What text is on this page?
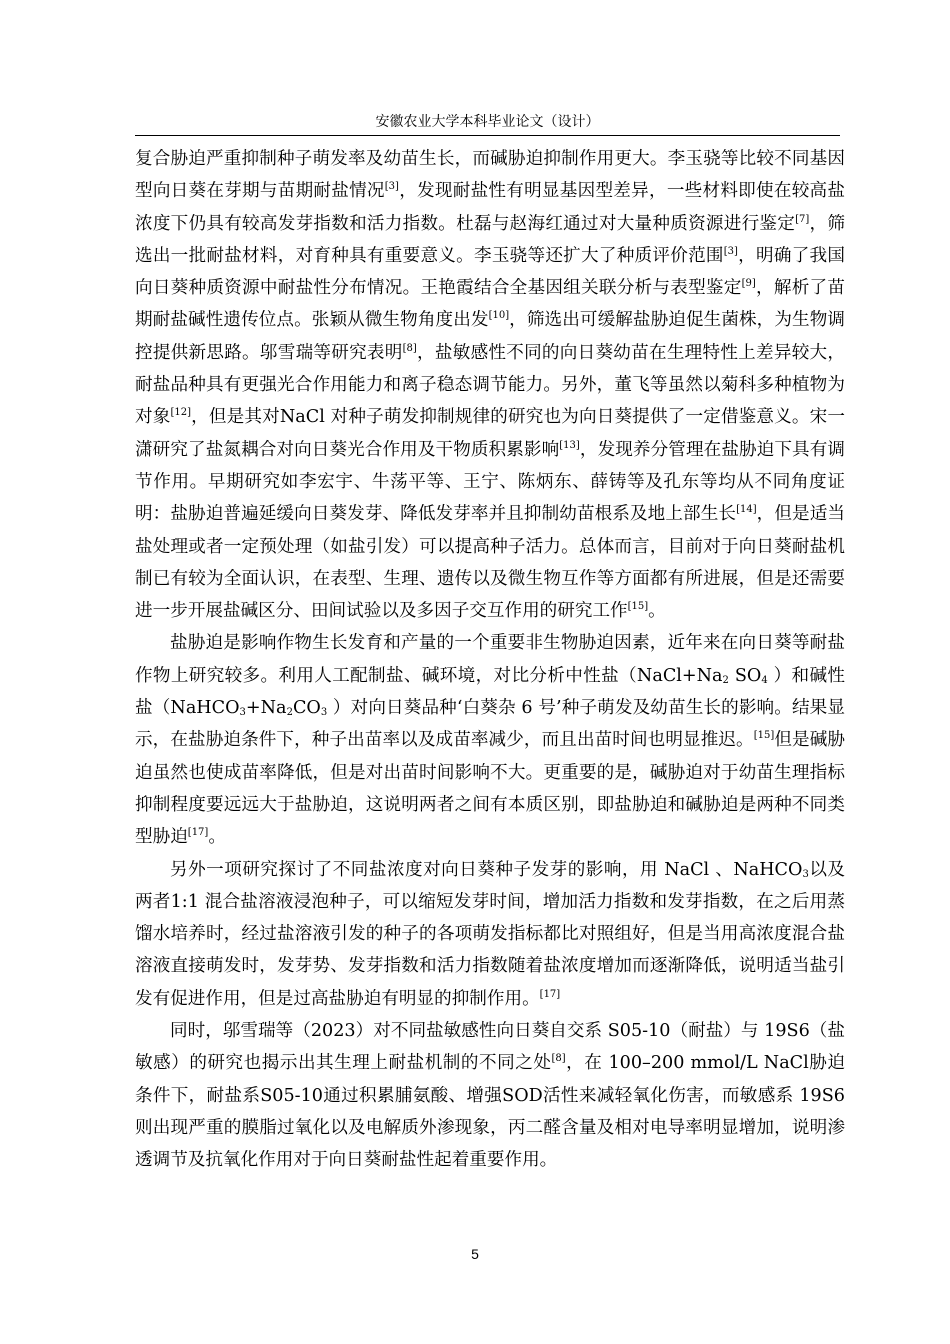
安徽农业大学本科毕业论文（设计）

复合胁迫严重抑制种子萌发率及幼苗生长，而碱胁迫抑制作用更大。李玉骁等比较不同基因型向日葵在芽期与苗期耐盐情况[3]，发现耐盐性有明显基因型差异，一些材料即使在较高盐浓度下仍具有较高发芽指数和活力指数。杜磊与赵海红通过对大量种质资源进行鉴定[7]，筛选出一批耐盐材料，对育种具有重要意义。李玉骁等还扩大了种质评价范围[3]，明确了我国向日葵种质资源中耐盐性分布情况。王艳霞结合全基因组关联分析与表型鉴定[9]，解析了苗期耐盐碱性遗传位点。张颖从微生物角度出发[10]，筛选出可缓解盐胁迫促生菌株，为生物调控提供新思路。邬雪瑞等研究表明[8]，盐敏感性不同的向日葵幼苗在生理特性上差异较大，耐盐品种具有更强光合作用能力和离子稳态调节能力。另外，董飞等虽然以菊科多种植物为对象[12]，但是其对NaCl 对种子萌发抑制规律的研究也为向日葵提供了一定借鉴意义。宋一潇研究了盐氮耦合对向日葵光合作用及干物质积累影响[13]，发现养分管理在盐胁迫下具有调节作用。早期研究如李宏宇、牛荡平等、王宁、陈炳东、薛铸等及孔东等均从不同角度证明：盐胁迫普遍延缓向日葵发芽、降低发芽率并且抑制幼苗根系及地上部生长[14]，但是适当盐处理或者一定预处理（如盐引发）可以提高种子活力。总体而言，目前对于向日葵耐盐机制已有较为全面认识，在表型、生理、遗传以及微生物互作等方面都有所进展，但是还需要进一步开展盐碱区分、田间试验以及多因子交互作用的研究工作[15]。

盐胁迫是影响作物生长发育和产量的一个重要非生物胁迫因素，近年来在向日葵等耐盐作物上研究较多。利用人工配制盐、碱环境，对比分析中性盐（$NaCl+Na_2$ $SO_4$ ）和碱性盐（$NaHCO_3+Na_2CO_3$ ）对向日葵品种‘白葵杂 6 号’种子萌发及幼苗生长的影响。结果显示，在盐胁迫条件下，种子出苗率以及成苗率减少，而且出苗时间也明显推迟。[15]但是碱胁迫虽然也使成苗率降低，但是对出苗时间影响不大。更重要的是，碱胁迫对于幼苗生理指标抑制程度要远远大于盐胁迫，这说明两者之间有本质区别，即盐胁迫和碱胁迫是两种不同类型胁迫[17]。

另外一项研究探讨了不同盐浓度对向日葵种子发芽的影响，用 NaCl 、NaHCO$_3$以及两者1:1 混合盐溶液浸泡种子，可以缩短发芽时间，增加活力指数和发芽指数，在之后用蒸馏水培养时，经过盐溶液引发的种子的各项萌发指标都比对照组好，但是当用高浓度混合盐溶液直接萌发时，发芽势、发芽指数和活力指数随着盐浓度增加而逐渐降低，说明适当盐引发有促进作用，但是过高盐胁迫有明显的抑制作用。[17]

同时，邬雪瑞等（2023）对不同盐敏感性向日葵自交系 S05-10（耐盐）与 19S6（盐敏感）的研究也揭示出其生理上耐盐机制的不同之处[8]，在 100–200 mmol/L NaCl胁迫条件下，耐盐系S05-10通过积累脯氨酸、增强SOD活性来减轻氧化伤害，而敏感系 19S6 则出现严重的膜脂过氧化以及电解质外渗现象，丙二醛含量及相对电导率明显增加，说明渗透调节及抗氧化作用对于向日葵耐盐性起着重要作用。

5
